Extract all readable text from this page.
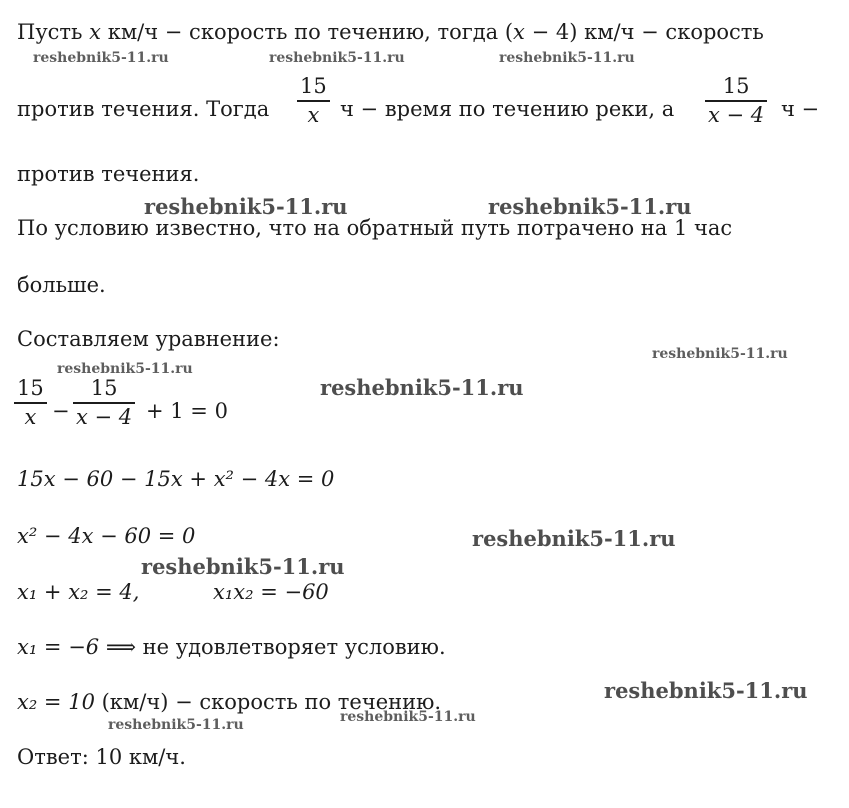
Пусть x км/ч − скорость по течению, тогда (x − 4) км/ч − скорость
против течения. Тогда
15
x ч − время по течению реки, а
15
x − 4 ч −
против течения.
По условию известно, что на обратный путь потрачено на 1 час
больше.
Составляем уравнение:
15
x −
15
x − 4 + 1 = 0
15x − 60 − 15x + x² − 4x = 0
x² − 4x − 60 = 0
x₁ + x₂ = 4,	x₁x₂ = −60
x₁ = −6 ⟹ не удовлетворяет условию.
x₂ = 10 (км/ч) − скорость по течению.
Ответ: 10 км/ч.
reshebnik5-11.ru	reshebnik5-11.ru	reshebnik5-11.ru
reshebnik5-11.ru	reshebnik5-11.ru
reshebnik5-11.ru
reshebnik5-11.ru
reshebnik5-11.ru
reshebnik5-11.ru
reshebnik5-11.ru
reshebnik5-11.ru
reshebnik5-11.ru	reshebnik5-11.ru
